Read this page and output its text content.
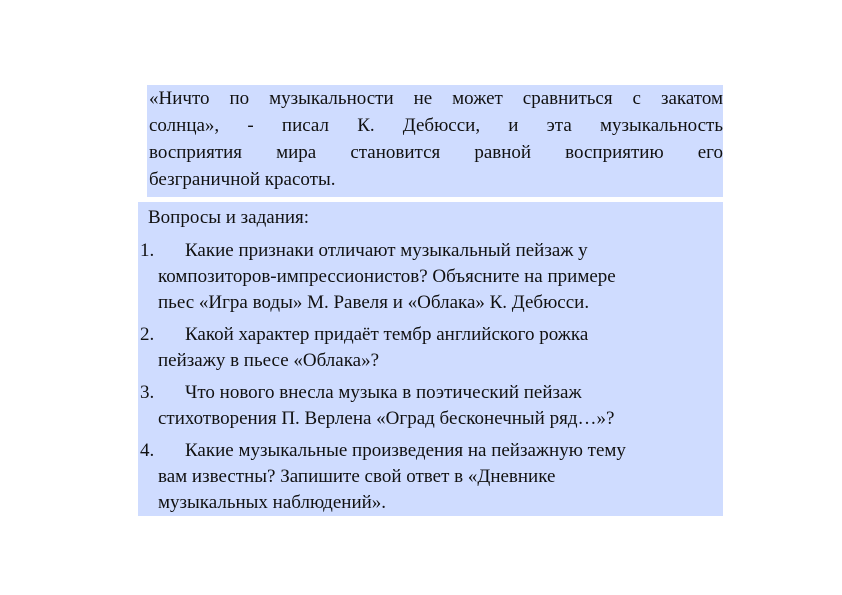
«Ничто по музыкальности не может сравниться с закатом
солнца», - писал К. Дебюсси, и эта музыкальность
восприятия мира становится равной восприятию его
безграничной красоты.
Вопросы и задания:
1.	Какие признаки отличают музыкальный пейзаж у
композиторов-импрессионистов? Объясните на примере
пьес «Игра воды» М. Равеля и «Облака» К. Дебюсси.
2.	Какой характер придаёт тембр английского рожка
пейзажу в пьесе «Облака»?
3.	Что нового внесла музыка в поэтический пейзаж
стихотворения П. Верлена «Оград бесконечный ряд…»?
4.	Какие музыкальные произведения на пейзажную тему
вам известны? Запишите свой ответ в «Дневнике
музыкальных наблюдений».
